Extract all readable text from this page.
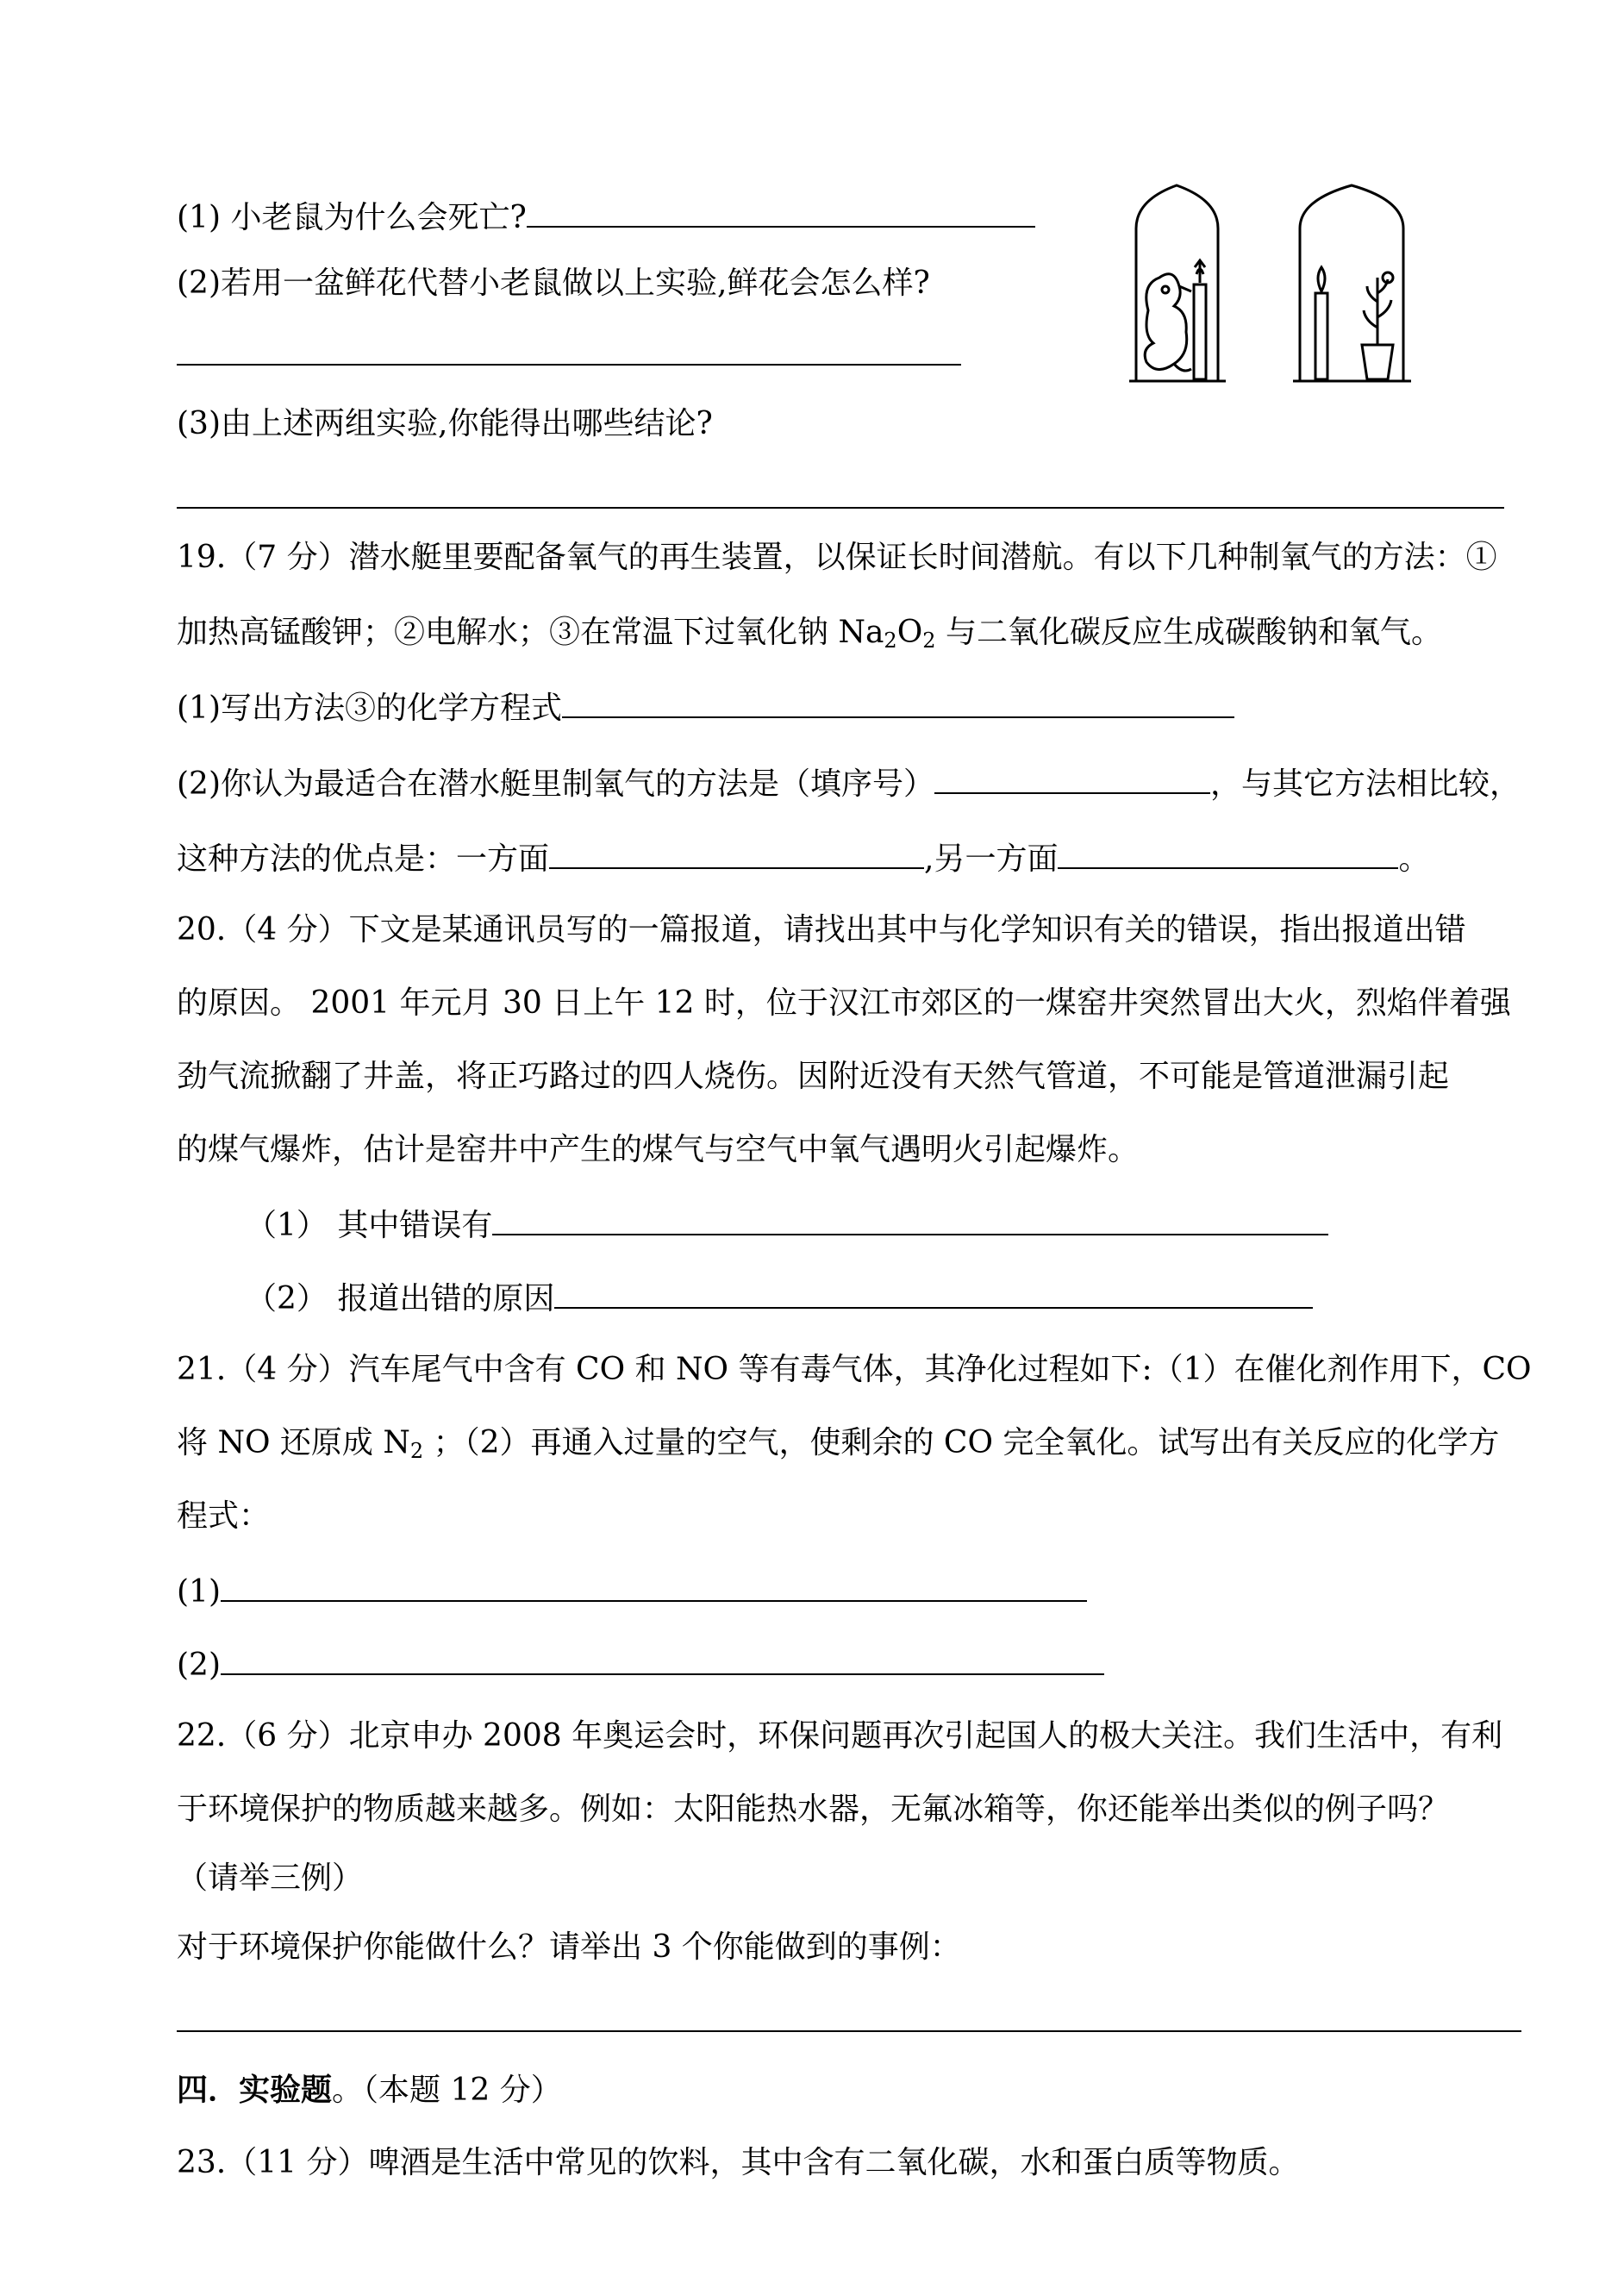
(1) 小老鼠为什么会死亡?
(2)若用一盆鲜花代替小老鼠做以上实验,鲜花会怎么样?
(3)由上述两组实验,你能得出哪些结论?
19.（7 分）潜水艇里要配备氧气的再生装置，以保证长时间潜航。有以下几种制氧气的方法：①
加热高锰酸钾；②电解水；③在常温下过氧化钠 $Na_2O_2$ 与二氧化碳反应生成碳酸钠和氧气。
(1)写出方法③的化学方程式
(2)你认为最适合在潜水艇里制氧气的方法是（填序号）	，与其它方法相比较，
这种方法的优点是：一方面	,另一方面	。
20.（4 分）下文是某通讯员写的一篇报道，请找出其中与化学知识有关的错误，指出报道出错
的原因。 2001 年元月 30 日上午 12 时，位于汉江市郊区的一煤窑井突然冒出大火，烈焰伴着强
劲气流掀翻了井盖，将正巧路过的四人烧伤。因附近没有天然气管道，不可能是管道泄漏引起
的煤气爆炸，估计是窑井中产生的煤气与空气中氧气遇明火引起爆炸。
（1） 其中错误有
（2） 报道出错的原因
21.（4 分）汽车尾气中含有 CO 和 NO 等有毒气体，其净化过程如下:（1）在催化剂作用下，CO
将 NO 还原成 $N_2$ ；（2）再通入过量的空气，使剩余的 CO 完全氧化。试写出有关反应的化学方
程式：
(1)
(2)
22.（6 分）北京申办 2008 年奥运会时，环保问题再次引起国人的极大关注。我们生活中，有利
于环境保护的物质越来越多。例如：太阳能热水器，无氟冰箱等，你还能举出类似的例子吗？
（请举三例）
对于环境保护你能做什么？请举出 3 个你能做到的事例：
四．实验题。（本题 12 分）
23.（11 分）啤酒是生活中常见的饮料，其中含有二氧化碳，水和蛋白质等物质。
